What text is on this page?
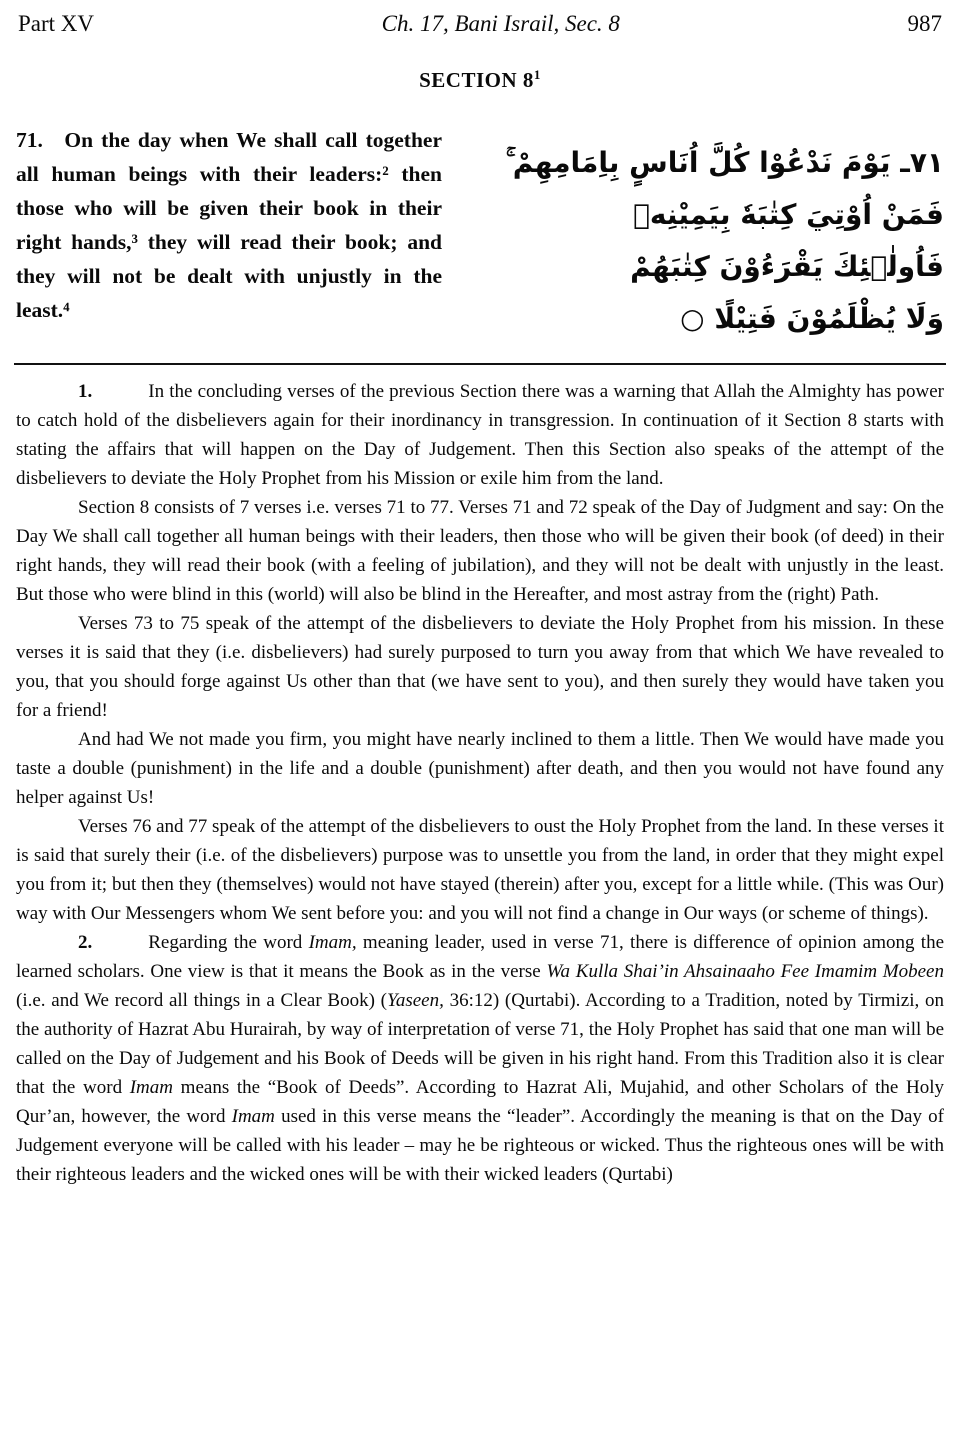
Part XV	Ch. 17, Bani Israil, Sec. 8	987
SECTION $8^1$
71. On the day when We shall call together all human beings with their leaders:² then those who will be given their book in their right hands,³ they will read their book; and they will not be dealt with unjustly in the least.⁴
٧١ـ يَوْمَ نَدْعُوْا كُلَّ اُنَاسٍ بِاِمَامِهِمْ ۚ
فَمَنْ اُوْتِيَ كِتٰبَهٗ بِيَمِيْنِهٖ
فَاُولٰٖئِكَ يَقْرَءُوْنَ كِتٰبَهُمْ
وَلَا يُظْلَمُوْنَ فَتِيْلًا ○

1.	In the concluding verses of the previous Section there was a warning that Allah the Almighty has power to catch hold of the disbelievers again for their inordinancy in transgression. In continuation of it Section 8 starts with stating the affairs that will happen on the Day of Judgement. Then this Section also speaks of the attempt of the disbelievers to deviate the Holy Prophet from his Mission or exile him from the land.

Section 8 consists of 7 verses i.e. verses 71 to 77. Verses 71 and 72 speak of the Day of Judgment and say: On the Day We shall call together all human beings with their leaders, then those who will be given their book (of deed) in their right hands, they will read their book (with a feeling of jubilation), and they will not be dealt with unjustly in the least. But those who were blind in this (world) will also be blind in the Hereafter, and most astray from the (right) Path.

Verses 73 to 75 speak of the attempt of the disbelievers to deviate the Holy Prophet from his mission. In these verses it is said that they (i.e. disbelievers) had surely purposed to turn you away from that which We have revealed to you, that you should forge against Us other than that (we have sent to you), and then surely they would have taken you for a friend!

And had We not made you firm, you might have nearly inclined to them a little. Then We would have made you taste a double (punishment) in the life and a double (punishment) after death, and then you would not have found any helper against Us!

Verses 76 and 77 speak of the attempt of the disbelievers to oust the Holy Prophet from the land. In these verses it is said that surely their (i.e. of the disbelievers) purpose was to unsettle you from the land, in order that they might expel you from it; but then they (themselves) would not have stayed (therein) after you, except for a little while. (This was Our) way with Our Messengers whom We sent before you: and you will not find a change in Our ways (or scheme of things).

2.	Regarding the word Imam, meaning leader, used in verse 71, there is difference of opinion among the learned scholars. One view is that it means the Book as in the verse Wa Kulla Shai’in Ahsainaaho Fee Imamim Mobeen (i.e. and We record all things in a Clear Book) (Yaseen, 36:12) (Qurtabi). According to a Tradition, noted by Tirmizi, on the authority of Hazrat Abu Hurairah, by way of interpretation of verse 71, the Holy Prophet has said that one man will be called on the Day of Judgement and his Book of Deeds will be given in his right hand. From this Tradition also it is clear that the word Imam means the “Book of Deeds”. According to Hazrat Ali, Mujahid, and other Scholars of the Holy Qur’an, however, the word Imam used in this verse means the “leader”. Accordingly the meaning is that on the Day of Judgement everyone will be called with his leader – may he be righteous or wicked. Thus the righteous ones will be with their righteous leaders and the wicked ones will be with their wicked leaders (Qurtabi)
